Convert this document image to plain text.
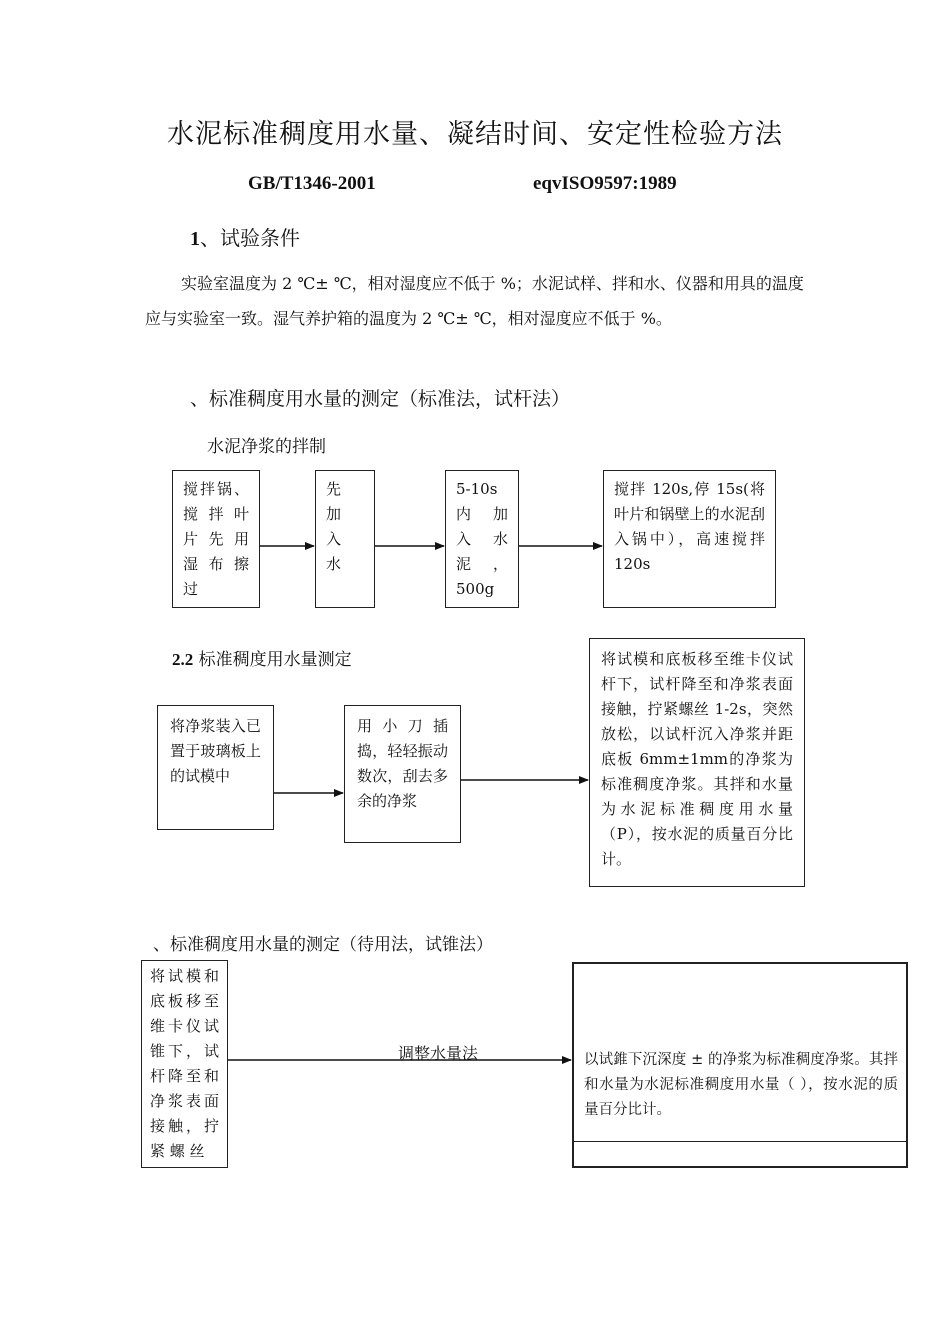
水泥标准稠度用水量、凝结时间、安定性检验方法
GB/T1346-2001	eqvISO9597:1989
1、试验条件
实验室温度为 2 ℃± ℃，相对湿度应不低于 %；水泥试样、拌和水、仪器和用具的温度应与实验室一致。湿气养护箱的温度为 2 ℃± ℃，相对湿度应不低于 %。
、标准稠度用水量的测定（标准法，试杆法）
水泥净浆的拌制
搅拌锅、搅 拌 叶片 先 用湿 布 擦过
先加入水
5-10s 内 加 入 水 泥 ，500g
搅拌 120s,停 15s(将叶片和锅壁上的水泥刮入锅中），高速搅拌 120s
2.2 标准稠度用水量测定
将净浆装入已置于玻璃板上的试模中
用 小 刀 插捣，轻轻振动数次，刮去多余的净浆
将试模和底板移至维卡仪试杆下，试杆降至和净浆表面接触，拧紧螺丝 1-2s，突然放松，以试杆沉入净浆并距底板 6mm±1mm的净浆为标准稠度净浆。其拌和水量为水泥标准稠度用水量（P），按水泥的质量百分比计。
、标准稠度用水量的测定（待用法，试锥法）
将试模和底板移至维卡仪试锥下，试杆降至和净浆表面接触，拧紧 螺 丝
调整水量法	以试錐下沉深度 ± 的净浆为标准稠度净浆。其拌和水量为水泥标准稠度用水量（ ），按水泥的质量百分比计。
